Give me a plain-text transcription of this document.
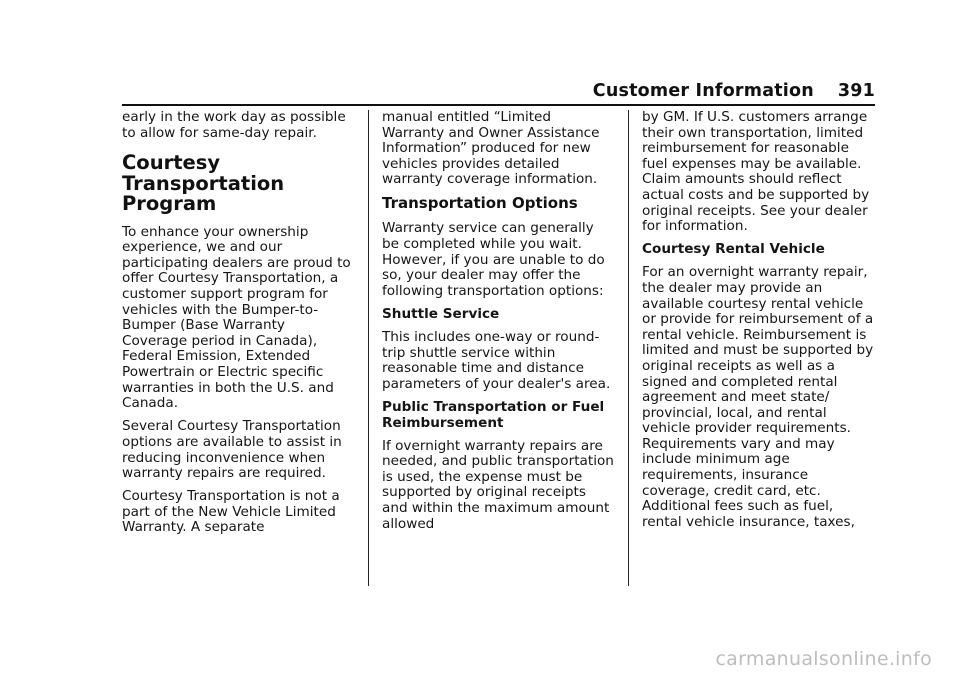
Customer Information 391

early in the work day as possible to allow for same-day repair.

Courtesy Transportation Program

To enhance your ownership experience, we and our participating dealers are proud to offer Courtesy Transportation, a customer support program for vehicles with the Bumper-to-Bumper (Base Warranty Coverage period in Canada), Federal Emission, Extended Powertrain or Electric specific warranties in both the U.S. and Canada.

Several Courtesy Transportation options are available to assist in reducing inconvenience when warranty repairs are required.

Courtesy Transportation is not a part of the New Vehicle Limited Warranty. A separate

manual entitled “Limited Warranty and Owner Assistance Information” produced for new vehicles provides detailed warranty coverage information.

Transportation Options

Warranty service can generally be completed while you wait. However, if you are unable to do so, your dealer may offer the following transportation options:

Shuttle Service

This includes one-way or round-trip shuttle service within reasonable time and distance parameters of your dealer's area.

Public Transportation or Fuel Reimbursement

If overnight warranty repairs are needed, and public transportation is used, the expense must be supported by original receipts and within the maximum amount allowed

by GM. If U.S. customers arrange their own transportation, limited reimbursement for reasonable fuel expenses may be available. Claim amounts should reflect actual costs and be supported by original receipts. See your dealer for information.

Courtesy Rental Vehicle

For an overnight warranty repair, the dealer may provide an available courtesy rental vehicle or provide for reimbursement of a rental vehicle. Reimbursement is limited and must be supported by original receipts as well as a signed and completed rental agreement and meet state/ provincial, local, and rental vehicle provider requirements. Requirements vary and may include minimum age requirements, insurance coverage, credit card, etc. Additional fees such as fuel, rental vehicle insurance, taxes,

carmanualsonline.info
